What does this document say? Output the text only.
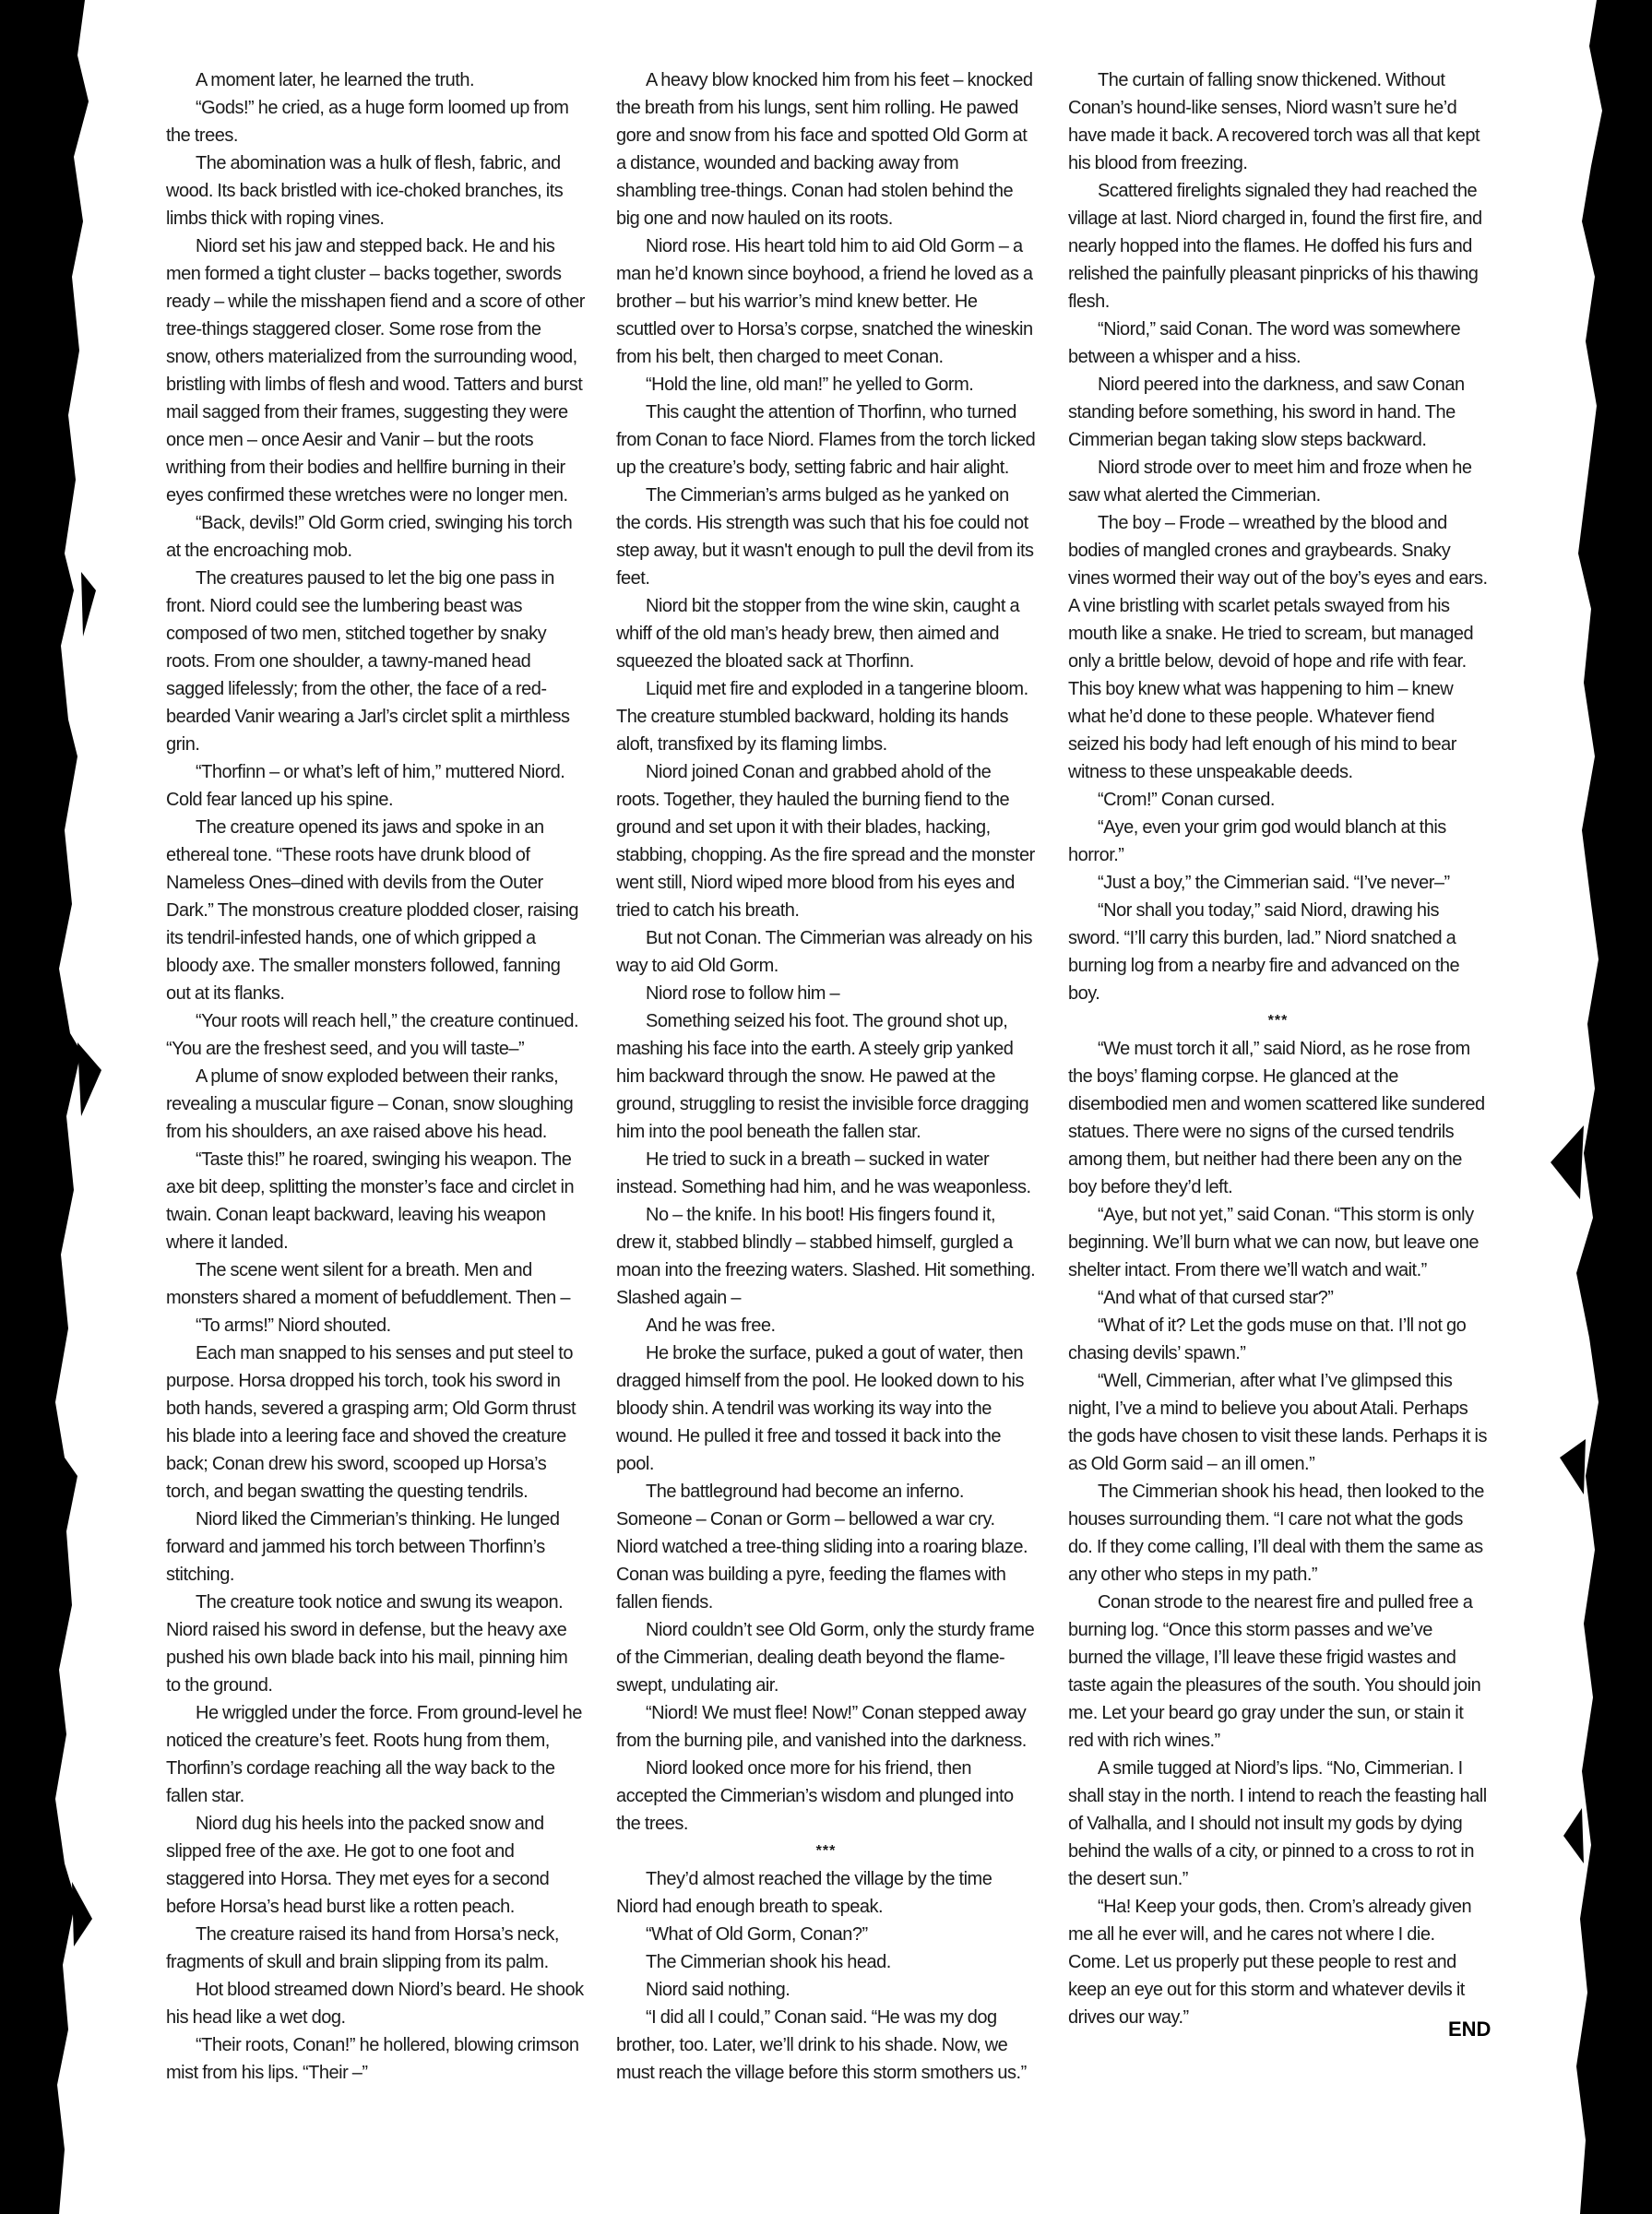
A moment later, he learned the truth.

“Gods!” he cried, as a huge form loomed up from the trees.

The abomination was a hulk of flesh, fabric, and wood. Its back bristled with ice-choked branches, its limbs thick with roping vines.

Niord set his jaw and stepped back. He and his men formed a tight cluster – backs together, swords ready – while the misshapen fiend and a score of other tree-things staggered closer. Some rose from the snow, others materialized from the surrounding wood, bristling with limbs of flesh and wood. Tatters and burst mail sagged from their frames, suggesting they were once men – once Aesir and Vanir – but the roots writhing from their bodies and hellfire burning in their eyes confirmed these wretches were no longer men.

“Back, devils!” Old Gorm cried, swinging his torch at the encroaching mob.

The creatures paused to let the big one pass in front. Niord could see the lumbering beast was composed of two men, stitched together by snaky roots. From one shoulder, a tawny-maned head sagged lifelessly; from the other, the face of a red-bearded Vanir wearing a Jarl’s circlet split a mirthless grin.

“Thorfinn – or what’s left of him,” muttered Niord. Cold fear lanced up his spine.

The creature opened its jaws and spoke in an ethereal tone. “These roots have drunk blood of Nameless Ones–dined with devils from the Outer Dark.” The monstrous creature plodded closer, raising its tendril-infested hands, one of which gripped a bloody axe. The smaller monsters followed, fanning out at its flanks.

“Your roots will reach hell,” the creature continued. “You are the freshest seed, and you will taste–”

A plume of snow exploded between their ranks, revealing a muscular figure – Conan, snow sloughing from his shoulders, an axe raised above his head.

“Taste this!” he roared, swinging his weapon. The axe bit deep, splitting the monster’s face and circlet in twain. Conan leapt backward, leaving his weapon where it landed.

The scene went silent for a breath. Men and monsters shared a moment of befuddlement. Then –

“To arms!” Niord shouted.

Each man snapped to his senses and put steel to purpose. Horsa dropped his torch, took his sword in both hands, severed a grasping arm; Old Gorm thrust his blade into a leering face and shoved the creature back; Conan drew his sword, scooped up Horsa’s torch, and began swatting the questing tendrils.

Niord liked the Cimmerian’s thinking. He lunged forward and jammed his torch between Thorfinn’s stitching.

The creature took notice and swung its weapon. Niord raised his sword in defense, but the heavy axe pushed his own blade back into his mail, pinning him to the ground.

He wriggled under the force. From ground-level he noticed the creature’s feet. Roots hung from them, Thorfinn’s cordage reaching all the way back to the fallen star.

Niord dug his heels into the packed snow and slipped free of the axe. He got to one foot and staggered into Horsa. They met eyes for a second before Horsa’s head burst like a rotten peach.

The creature raised its hand from Horsa’s neck, fragments of skull and brain slipping from its palm.

Hot blood streamed down Niord’s beard. He shook his head like a wet dog.

“Their roots, Conan!” he hollered, blowing crimson mist from his lips. “Their –”

A heavy blow knocked him from his feet – knocked the breath from his lungs, sent him rolling. He pawed gore and snow from his face and spotted Old Gorm at a distance, wounded and backing away from shambling tree-things. Conan had stolen behind the big one and now hauled on its roots.

Niord rose. His heart told him to aid Old Gorm – a man he’d known since boyhood, a friend he loved as a brother – but his warrior’s mind knew better. He scuttled over to Horsa’s corpse, snatched the wineskin from his belt, then charged to meet Conan.

“Hold the line, old man!” he yelled to Gorm.

This caught the attention of Thorfinn, who turned from Conan to face Niord. Flames from the torch licked up the creature’s body, setting fabric and hair alight.

The Cimmerian’s arms bulged as he yanked on the cords. His strength was such that his foe could not step away, but it wasn't enough to pull the devil from its feet.

Niord bit the stopper from the wine skin, caught a whiff of the old man’s heady brew, then aimed and squeezed the bloated sack at Thorfinn.

Liquid met fire and exploded in a tangerine bloom. The creature stumbled backward, holding its hands aloft, transfixed by its flaming limbs.

Niord joined Conan and grabbed ahold of the roots. Together, they hauled the burning fiend to the ground and set upon it with their blades, hacking, stabbing, chopping. As the fire spread and the monster went still, Niord wiped more blood from his eyes and tried to catch his breath.

But not Conan. The Cimmerian was already on his way to aid Old Gorm.

Niord rose to follow him –

Something seized his foot. The ground shot up, mashing his face into the earth. A steely grip yanked him backward through the snow. He pawed at the ground, struggling to resist the invisible force dragging him into the pool beneath the fallen star.

He tried to suck in a breath – sucked in water instead. Something had him, and he was weaponless.

No – the knife. In his boot! His fingers found it, drew it, stabbed blindly – stabbed himself, gurgled a moan into the freezing waters. Slashed. Hit something. Slashed again –

And he was free.

He broke the surface, puked a gout of water, then dragged himself from the pool. He looked down to his bloody shin. A tendril was working its way into the wound. He pulled it free and tossed it back into the pool.

The battleground had become an inferno. Someone – Conan or Gorm – bellowed a war cry. Niord watched a tree-thing sliding into a roaring blaze. Conan was building a pyre, feeding the flames with fallen fiends.

Niord couldn’t see Old Gorm, only the sturdy frame of the Cimmerian, dealing death beyond the flame-swept, undulating air.

“Niord! We must flee! Now!” Conan stepped away from the burning pile, and vanished into the darkness.

Niord looked once more for his friend, then accepted the Cimmerian’s wisdom and plunged into the trees.

***

They’d almost reached the village by the time Niord had enough breath to speak.

“What of Old Gorm, Conan?”

The Cimmerian shook his head.

Niord said nothing.

“I did all I could,” Conan said. “He was my dog brother, too. Later, we’ll drink to his shade. Now, we must reach the village before this storm smothers us.”

The curtain of falling snow thickened. Without Conan’s hound-like senses, Niord wasn’t sure he’d have made it back. A recovered torch was all that kept his blood from freezing.

Scattered firelights signaled they had reached the village at last. Niord charged in, found the first fire, and nearly hopped into the flames. He doffed his furs and relished the painfully pleasant pinpricks of his thawing flesh.

“Niord,” said Conan. The word was somewhere between a whisper and a hiss.

Niord peered into the darkness, and saw Conan standing before something, his sword in hand. The Cimmerian began taking slow steps backward.

Niord strode over to meet him and froze when he saw what alerted the Cimmerian.

The boy – Frode – wreathed by the blood and bodies of mangled crones and graybeards. Snaky vines wormed their way out of the boy’s eyes and ears. A vine bristling with scarlet petals swayed from his mouth like a snake. He tried to scream, but managed only a brittle below, devoid of hope and rife with fear. This boy knew what was happening to him – knew what he’d done to these people. Whatever fiend seized his body had left enough of his mind to bear witness to these unspeakable deeds.

“Crom!” Conan cursed.

“Aye, even your grim god would blanch at this horror.”

“Just a boy,” the Cimmerian said. “I’ve never–”

“Nor shall you today,” said Niord, drawing his sword. “I’ll carry this burden, lad.” Niord snatched a burning log from a nearby fire and advanced on the boy.

***

“We must torch it all,” said Niord, as he rose from the boys’ flaming corpse. He glanced at the disembodied men and women scattered like sundered statues. There were no signs of the cursed tendrils among them, but neither had there been any on the boy before they’d left.

“Aye, but not yet,” said Conan. “This storm is only beginning. We’ll burn what we can now, but leave one shelter intact. From there we’ll watch and wait.”

“And what of that cursed star?”

“What of it? Let the gods muse on that. I’ll not go chasing devils’ spawn.”

“Well, Cimmerian, after what I’ve glimpsed this night, I’ve a mind to believe you about Atali. Perhaps the gods have chosen to visit these lands. Perhaps it is as Old Gorm said – an ill omen.”

The Cimmerian shook his head, then looked to the houses surrounding them. “I care not what the gods do. If they come calling, I’ll deal with them the same as any other who steps in my path.”

Conan strode to the nearest fire and pulled free a burning log. “Once this storm passes and we’ve burned the village, I’ll leave these frigid wastes and taste again the pleasures of the south. You should join me. Let your beard go gray under the sun, or stain it red with rich wines.”

A smile tugged at Niord’s lips. “No, Cimmerian. I shall stay in the north. I intend to reach the feasting hall of Valhalla, and I should not insult my gods by dying behind the walls of a city, or pinned to a cross to rot in the desert sun.”

“Ha! Keep your gods, then. Crom’s already given me all he ever will, and he cares not where I die. Come. Let us properly put these people to rest and keep an eye out for this storm and whatever devils it drives our way.”	END
